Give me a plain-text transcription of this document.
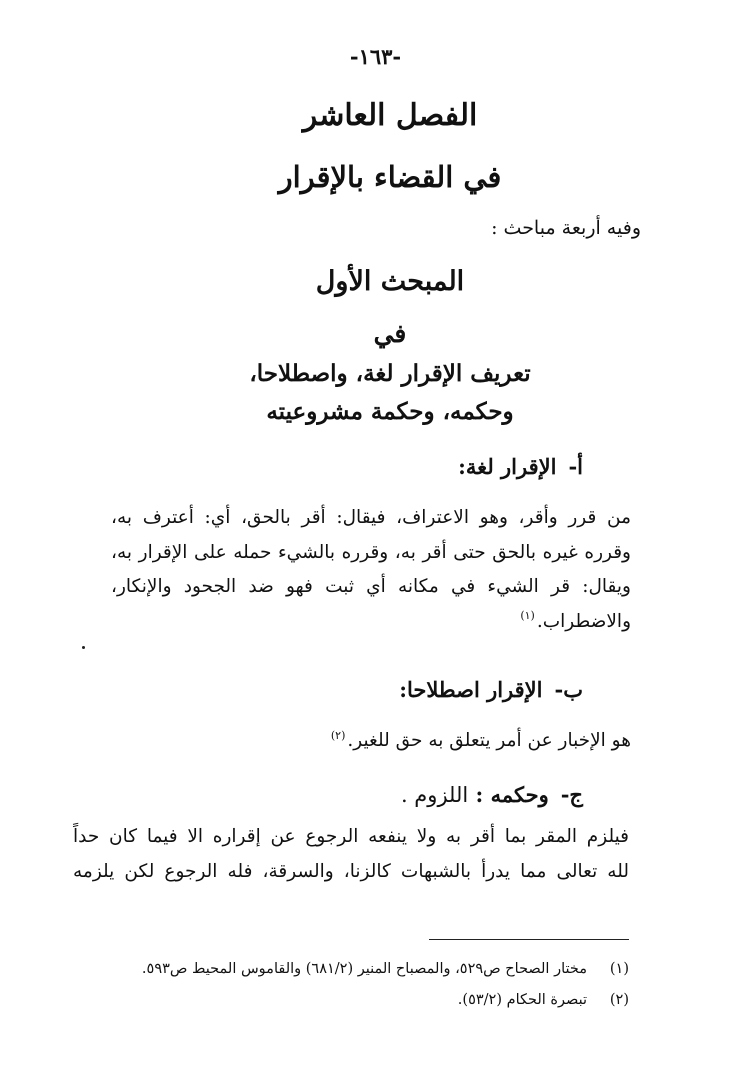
-١٦٣-
الفصل العاشر
في القضاء بالإقرار
وفيه أربعة مباحث :
المبحث الأول
في
تعريف الإقرار لغة، واصطلاحا،
وحكمه، وحكمة مشروعيته
أ-الإقرار لغة:
من قرر وأقر، وهو الاعتراف، فيقال: أقر بالحق، أي: أعترف به،
وقرره غيره بالحق حتى أقر به، وقرره بالشيء حمله على الإقرار به،
ويقال: قر الشيء في مكانه أي ثبت فهو ضد الجحود والإنكار،
والاضطراب.$^{(١)}$
ب-الإقرار اصطلاحا:
هو الإخبار عن أمر يتعلق به حق للغير.$^{(٢)}$
ج-وحكمه : اللزوم .
فيلزم المقر بما أقر به ولا ينفعه الرجوع عن إقراره الا فيما كان حداً
لله تعالى مما يدرأ بالشبهات كالزنا، والسرقة، فله الرجوع لكن يلزمه
(١)مختار الصحاح ص٥٢٩، والمصباح المنير (٦٨١/٢) والقاموس المحيط ص٥٩٣.
(٢)تبصرة الحكام (٥٣/٢).
